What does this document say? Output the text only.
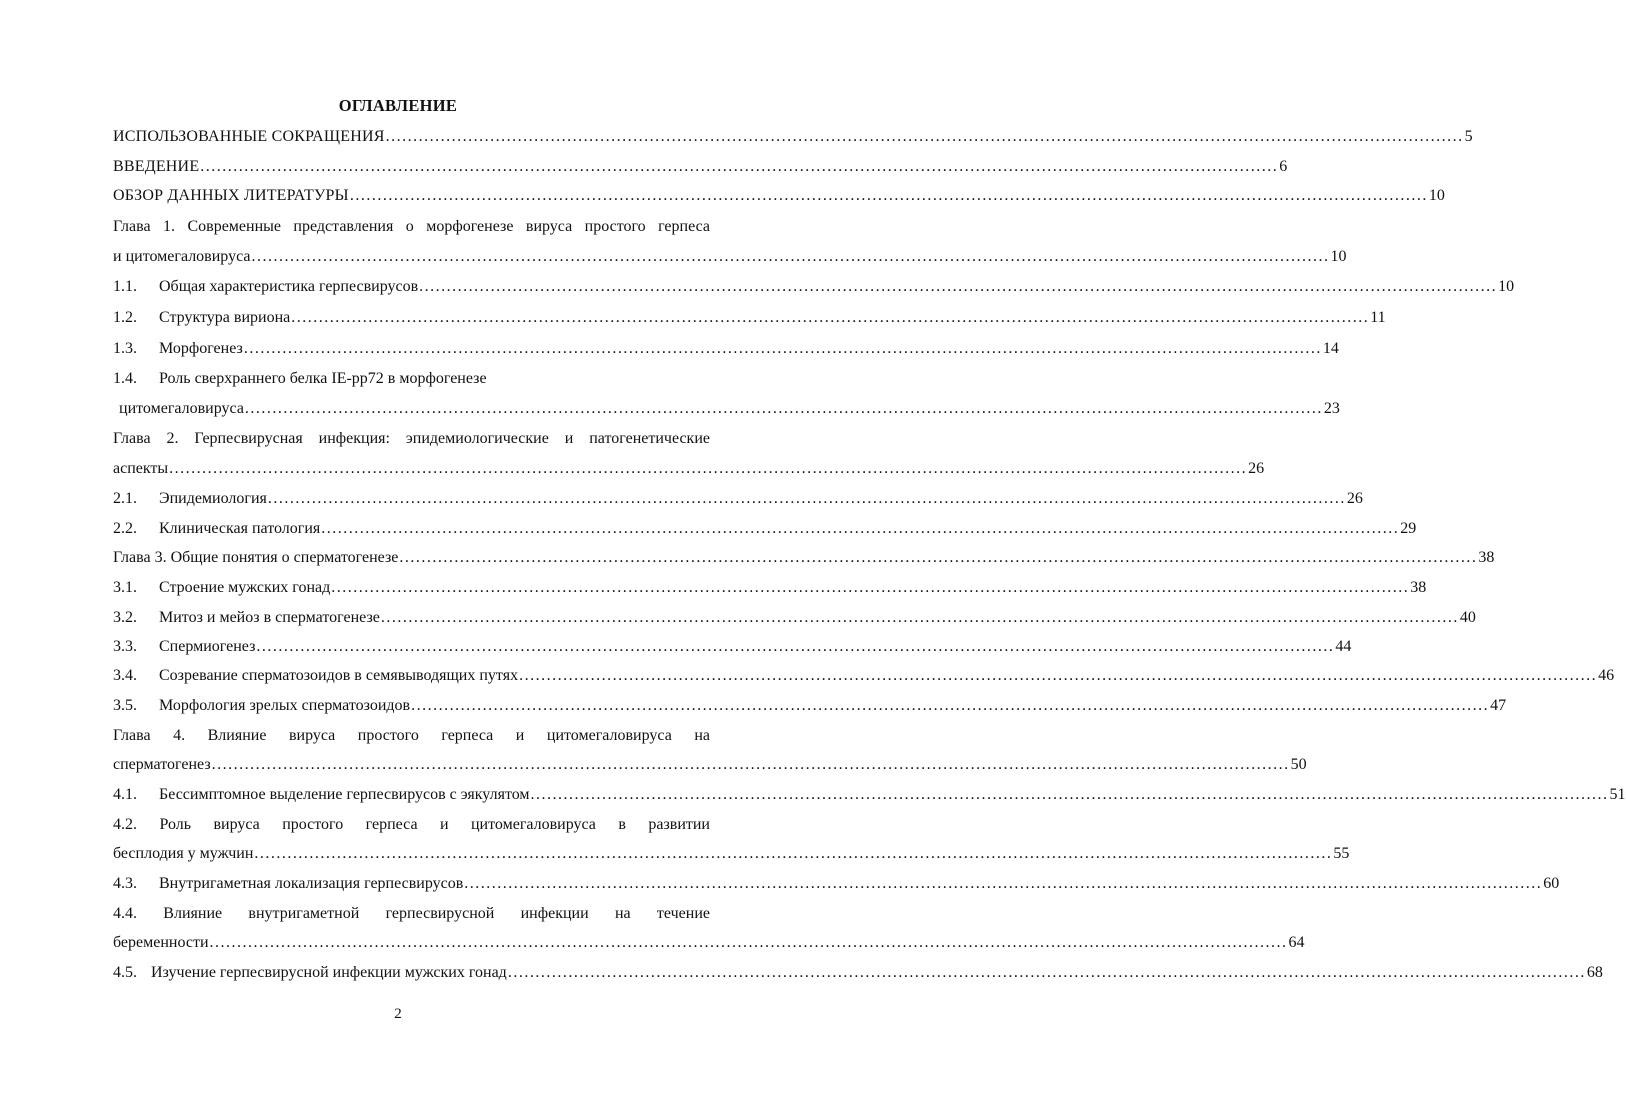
ОГЛАВЛЕНИЕ
ИСПОЛЬЗОВАННЫЕ СОКРАЩЕНИЯ .....	5
ВВЕДЕНИЕ .....	6
ОБЗОР ДАННЫХ ЛИТЕРАТУРЫ .....	10
Глава 1. Современные представления о морфогенезе вируса простого герпеса
и цитомегаловируса .....	10
1.1. Общая характеристика герпесвирусов .....	10
1.2. Структура вириона .....	11
1.3. Морфогенез .....	14
1.4. Роль сверхраннего белка IE-pp72 в морфогенезе
цитомегаловируса .....	23
Глава 2. Герпесвирусная инфекция: эпидемиологические и патогенетические
аспекты .....	26
2.1. Эпидемиология .....	26
2.2. Клиническая патология .....	29
Глава 3. Общие понятия о сперматогенезе .....	38
3.1. Строение мужских гонад .....	38
3.2. Митоз и мейоз в сперматогенезе .....	40
3.3. Спермиогенез .....	44
3.4. Созревание сперматозоидов в семявыводящих путях .....	46
3.5. Морфология зрелых сперматозоидов .....	47
Глава 4. Влияние вируса простого герпеса и цитомегаловируса на
сперматогенез .....	50
4.1. Бессимптомное выделение герпесвирусов с эякулятом .....	51
4.2. Роль вируса простого герпеса и цитомегаловируса в развитии
бесплодия у мужчин .....	55
4.3. Внутригаметная локализация герпесвирусов .....	60
4.4. Влияние внутригаметной герпесвирусной инфекции на течение
беременности .....	64
4.5. Изучение герпесвирусной инфекции мужских гонад .....	68
2
